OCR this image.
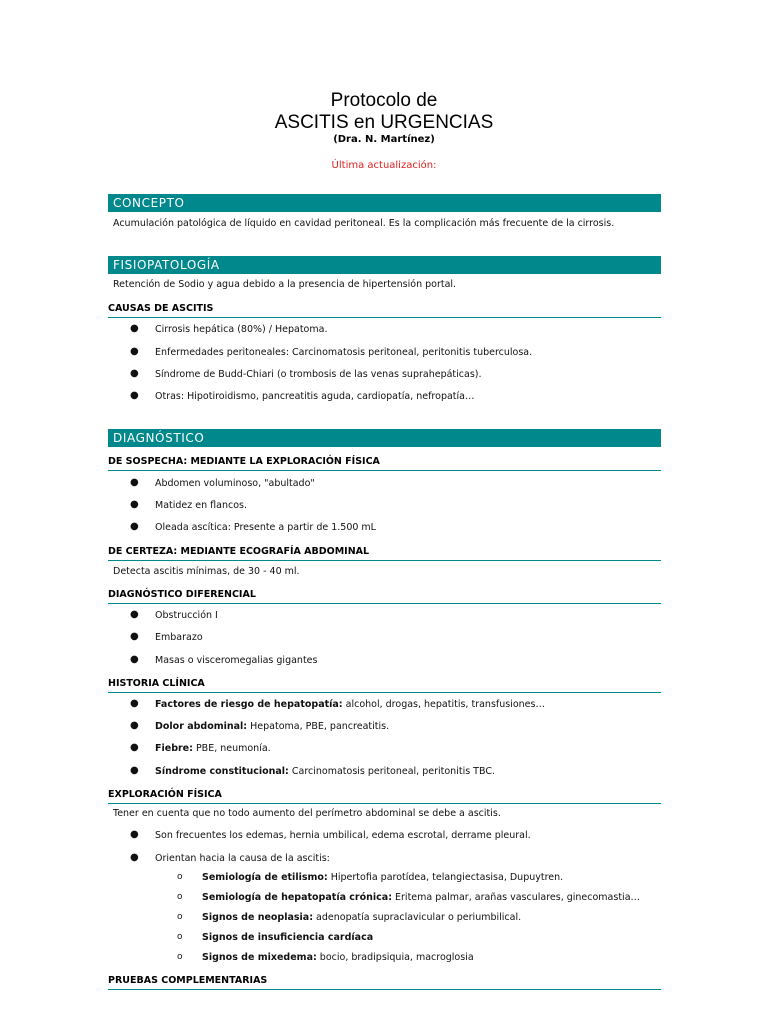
Protocolo de
ASCITIS en URGENCIAS
(Dra. N. Martínez)
Última actualización:
CONCEPTO
Acumulación patológica de líquido en cavidad peritoneal. Es la complicación más frecuente de la cirrosis.
FISIOPATOLOGÍA
Retención de Sodio y agua debido a la presencia de hipertensión portal.
CAUSAS DE ASCITIS
● Cirrosis hepática (80%) / Hepatoma.
● Enfermedades peritoneales: Carcinomatosis peritoneal, peritonitis tuberculosa.
● Síndrome de Budd-Chiari (o trombosis de las venas suprahepáticas).
● Otras: Hipotiroidismo, pancreatitis aguda, cardiopatía, nefropatía…
DIAGNÓSTICO
DE SOSPECHA: MEDIANTE LA EXPLORACIÓN FÍSICA
● Abdomen voluminoso, "abultado"
● Matidez en flancos.
● Oleada ascítica: Presente a partir de 1.500 mL
DE CERTEZA: MEDIANTE ECOGRAFÍA ABDOMINAL
Detecta ascitis mínimas, de 30 - 40 ml.
DIAGNÓSTICO DIFERENCIAL
● Obstrucción I
● Embarazo
● Masas o visceromegalias gigantes
HISTORIA CLÍNICA
● Factores de riesgo de hepatopatía: alcohol, drogas, hepatitis, transfusiones…
● Dolor abdominal: Hepatoma, PBE, pancreatitis.
● Fiebre: PBE, neumonía.
● Síndrome constitucional: Carcinomatosis peritoneal, peritonitis TBC.
EXPLORACIÓN FÍSICA
Tener en cuenta que no todo aumento del perímetro abdominal se debe a ascitis.
● Son frecuentes los edemas, hernia umbilical, edema escrotal, derrame pleural.
● Orientan hacia la causa de la ascitis:
o Semiología de etilismo: Hipertofia parotídea, telangiectasisa, Dupuytren.
o Semiología de hepatopatía crónica: Eritema palmar, arañas vasculares, ginecomastia…
o Signos de neoplasia: adenopatía supraclavicular o periumbilical.
o Signos de insuficiencia cardíaca
o Signos de mixedema: bocio, bradipsiquia, macroglosia
PRUEBAS COMPLEMENTARIAS
